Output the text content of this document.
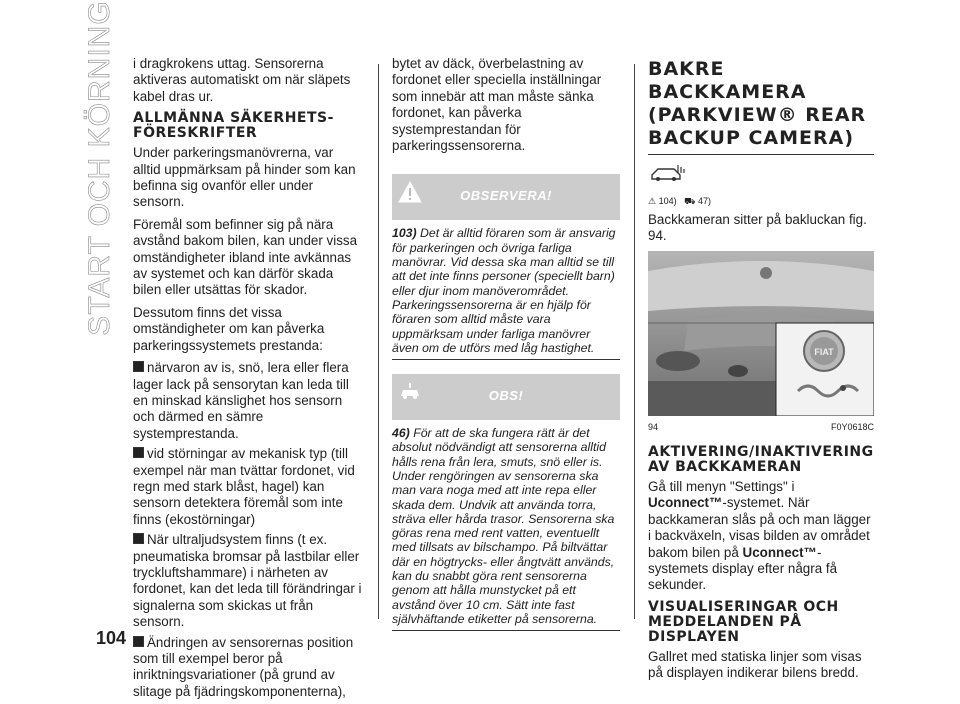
START OCH KÖRNING
104

i dragkrokens uttag. Sensorerna aktiveras automatiskt om när släpets kabel dras ur.

ALLMÄNNA SÄKERHETS-FÖRESKRIFTER

Under parkeringsmanövrerna, var alltid uppmärksam på hinder som kan befinna sig ovanför eller under sensorn.

Föremål som befinner sig på nära avstånd bakom bilen, kan under vissa omständigheter ibland inte avkännas av systemet och kan därför skada bilen eller utsättas för skador.

Dessutom finns det vissa omständigheter om kan påverka parkeringssystemets prestanda:

närvaron av is, snö, lera eller flera lager lack på sensorytan kan leda till en minskad känslighet hos sensorn och därmed en sämre systemprestanda.
vid störningar av mekanisk typ (till exempel när man tvättar fordonet, vid regn med stark blåst, hagel) kan sensorn detektera föremål som inte finns (ekostörningar)
När ultraljudsystem finns (t ex. pneumatiska bromsar på lastbilar eller tryckluftshammare) i närheten av fordonet, kan det leda till förändringar i signalerna som skickas ut från sensorn.
Ändringen av sensorernas position som till exempel beror på inriktningsvariationer (på grund av slitage på fjädringskomponenterna),

bytet av däck, överbelastning av fordonet eller speciella inställningar som innebär att man måste sänka fordonet, kan påverka systemprestandan för parkeringssensorerna.

OBSERVERA!
103) Det är alltid föraren som är ansvarig för parkeringen och övriga farliga manövrar. Vid dessa ska man alltid se till att det inte finns personer (speciellt barn) eller djur inom manöverområdet. Parkeringssensorerna är en hjälp för föraren som alltid måste vara uppmärksam under farliga manövrer även om de utförs med låg hastighet.
OBS!
46) För att de ska fungera rätt är det absolut nödvändigt att sensorerna alltid hålls rena från lera, smuts, snö eller is. Under rengöringen av sensorerna ska man vara noga med att inte repa eller skada dem. Undvik att använda torra, sträva eller hårda trasor. Sensorerna ska göras rena med rent vatten, eventuellt med tillsats av bilschampo. På biltvättar där en högtrycks- eller ångtvätt används, kan du snabbt göra rent sensorerna genom att hålla munstycket på ett avstånd över 10 cm. Sätt inte fast självhäftande etiketter på sensorerna.
BAKRE BACKKAMERA (PARKVIEW® REAR BACKUP CAMERA)
⚠ 104) ⛟ 47)

Backkameran sitter på bakluckan fig. 94.

FIAT
94	F0Y0618C
AKTIVERING/INAKTIVERING AV BACKKAMERAN

Gå till menyn "Settings" i Uconnect™-systemet. När backkameran slås på och man lägger i backväxeln, visas bilden av området bakom bilen på Uconnect™-systemets display efter några få sekunder.

VISUALISERINGAR OCH MEDDELANDEN PÅ DISPLAYEN

Gallret med statiska linjer som visas på displayen indikerar bilens bredd.
